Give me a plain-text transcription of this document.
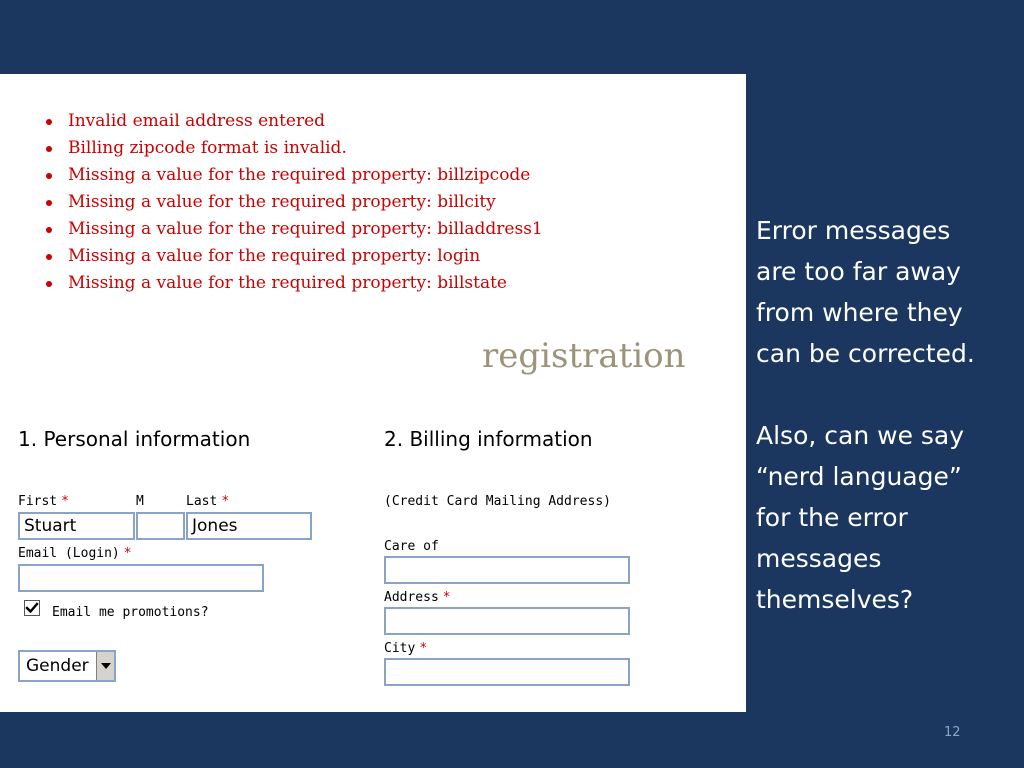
Invalid email address entered
Billing zipcode format is invalid.
Missing a value for the required property: billzipcode
Missing a value for the required property: billcity
Missing a value for the required property: billaddress1
Missing a value for the required property: login
Missing a value for the required property: billstate
registration
1. Personal information	2. Billing information
First *	M	Last *
Stuart	Jones
Email (Login) *
Email me promotions?
Gender
(Credit Card Mailing Address)
Care of
Address *
City *

Error messages
are too far away
from where they
can be corrected.

Also, can we say
“nerd language”
for the error
messages
themselves?

12
